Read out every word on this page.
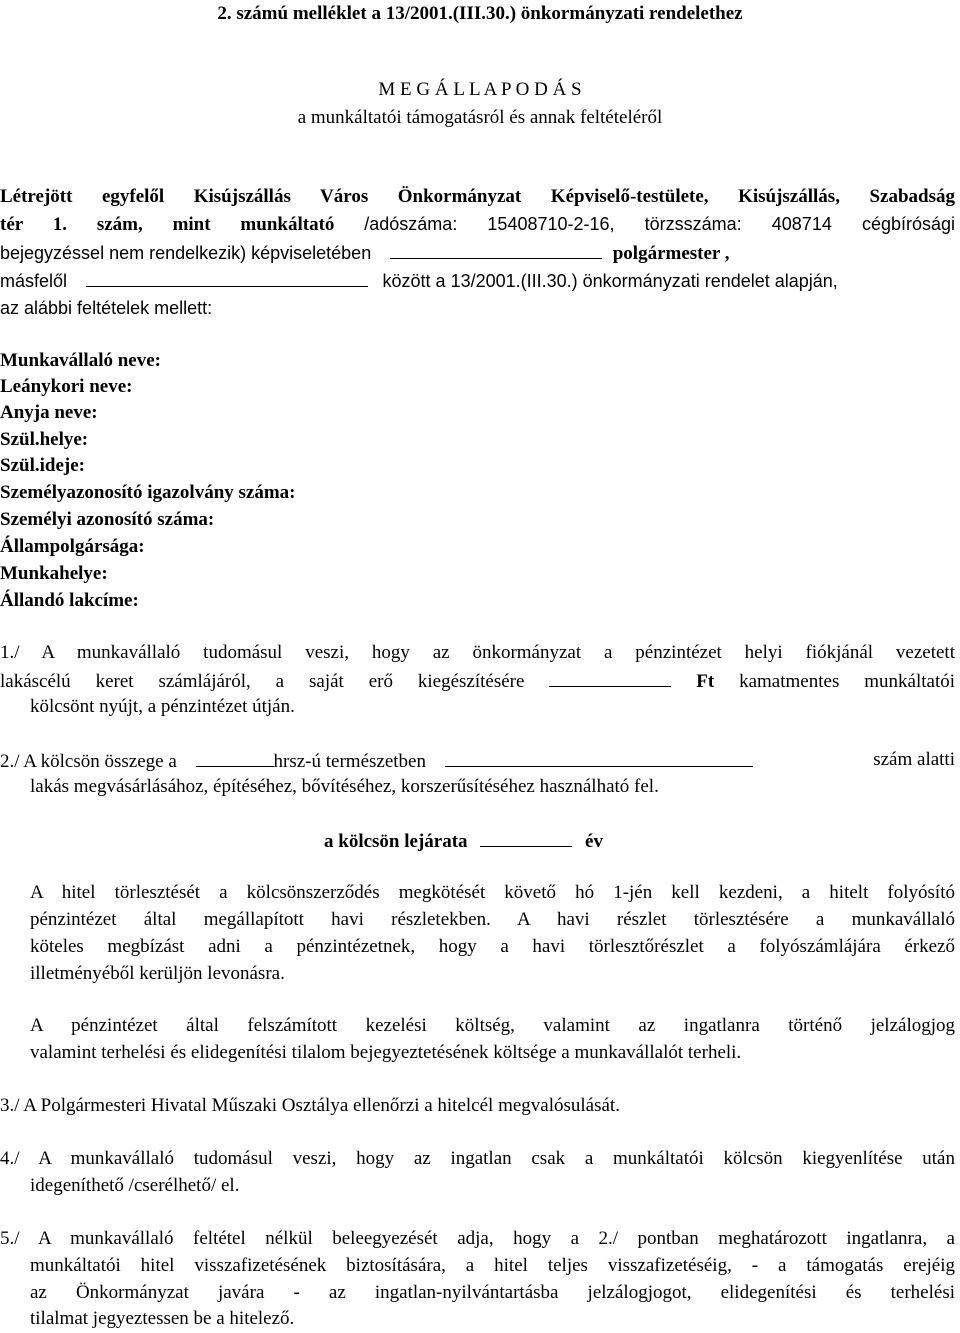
2. számú melléklet a 13/2001.(III.30.) önkormányzati rendelethez
M E G Á L L A P O D Á S
a munkáltatói támogatásról és annak feltételéről
Létrejött egyfelől Kisújszállás Város Önkormányzat Képviselő-testülete, Kisújszállás, Szabadság
tér 1. szám, mint munkáltató /adószáma: 15408710-2-16, törzsszáma: 408714 cégbírósági
bejegyzéssel nem rendelkezik) képviseletében	polgármester ,
másfelől	között a 13/2001.(III.30.) önkormányzati rendelet alapján,
az alábbi feltételek mellett:
Munkavállaló neve:
Leánykori neve:
Anyja neve:
Szül.helye:
Szül.ideje:
Személyazonosító igazolvány száma:
Személyi azonosító száma:
Állampolgársága:
Munkahelye:
Állandó lakcíme:
1./ A munkavállaló tudomásul veszi, hogy az önkormányzat a pénzintézet helyi fiókjánál vezetett
lakáscélú keret számlájáról, a saját erő kiegészítésére	Ft kamatmentes munkáltatói
kölcsönt nyújt, a pénzintézet útján.
2./ A kölcsön összege a	hrsz-ú természetben	szám alatti
lakás megvásárlásához, építéséhez, bővítéséhez, korszerűsítéséhez használható fel.
a kölcsön lejárata	év
A hitel törlesztését a kölcsönszerződés megkötését követő hó 1-jén kell kezdeni, a hitelt folyósító
pénzintézet által megállapított havi részletekben. A havi részlet törlesztésére a munkavállaló
köteles megbízást adni a pénzintézetnek, hogy a havi törlesztőrészlet a folyószámlájára érkező
illetményéből kerüljön levonásra.
A pénzintézet által felszámított kezelési költség, valamint az ingatlanra történő jelzálogjog
valamint terhelési és elidegenítési tilalom bejegyeztetésének költsége a munkavállalót terheli.
3./ A Polgármesteri Hivatal Műszaki Osztálya ellenőrzi a hitelcél megvalósulását.
4./ A munkavállaló tudomásul veszi, hogy az ingatlan csak a munkáltatói kölcsön kiegyenlítése után
idegeníthető /cserélhető/ el.
5./ A munkavállaló feltétel nélkül beleegyezését adja, hogy a 2./ pontban meghatározott ingatlanra, a
munkáltatói hitel visszafizetésének biztosítására, a hitel teljes visszafizetéséig, - a támogatás erejéig
az Önkormányzat javára - az ingatlan-nyilvántartásba jelzálogjogot, elidegenítési és terhelési
tilalmat jegyeztessen be a hitelező.
